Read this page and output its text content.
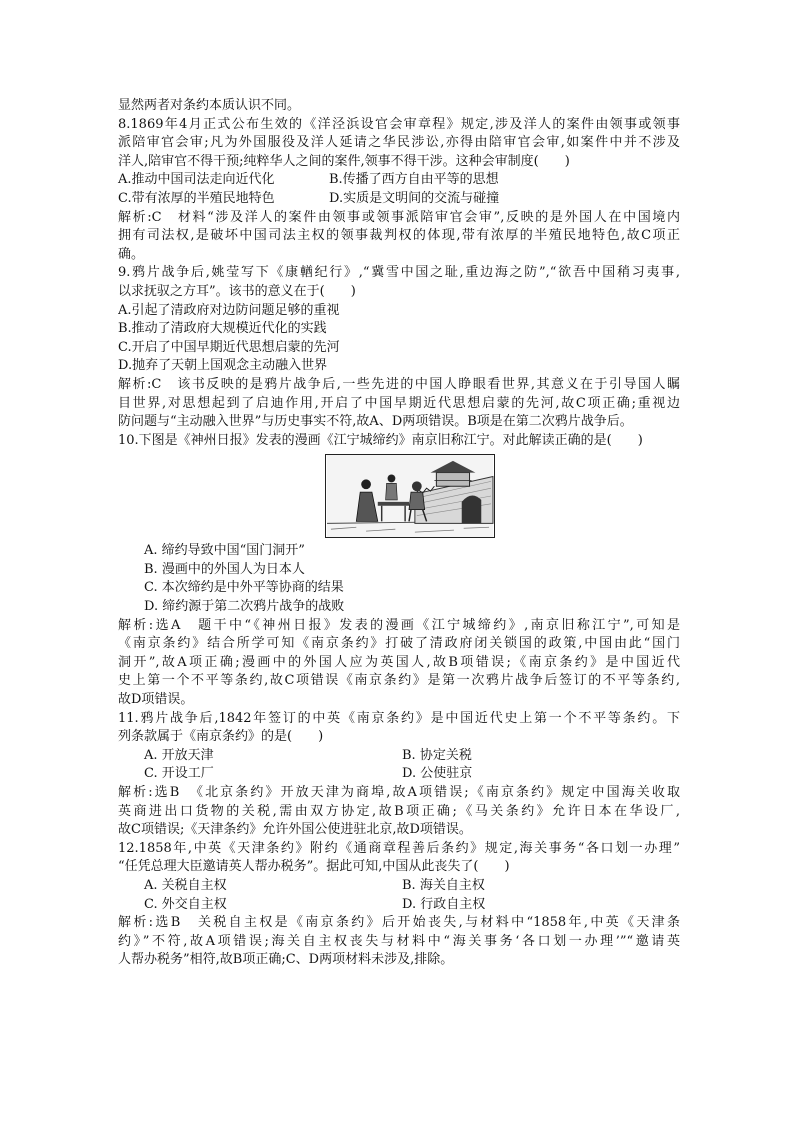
显然两者对条约本质认识不同。

8.1869年4月正式公布生效的《洋泾浜设官会审章程》规定,涉及洋人的案件由领事或领事

派陪审官会审;凡为外国服役及洋人延请之华民涉讼,亦得由陪审官会审,如案件中并不涉及

洋人,陪审官不得干预;纯粹华人之间的案件,领事不得干涉。这种会审制度(　　)

A.推动中国司法走向近代化	B.传播了西方自由平等的思想
C.带有浓厚的半殖民地特色	D.实质是文明间的交流与碰撞

解析:C　材料“涉及洋人的案件由领事或领事派陪审官会审”,反映的是外国人在中国境内

拥有司法权,是破坏中国司法主权的领事裁判权的体现,带有浓厚的半殖民地特色,故C项正

确。

9.鸦片战争后,姚莹写下《康輶纪行》,“冀雪中国之耻,重边海之防”,“欲吾中国稍习夷事,

以求抚驭之方耳”。该书的意义在于(　　)

A.引起了清政府对边防问题足够的重视

B.推动了清政府大规模近代化的实践

C.开启了中国早期近代思想启蒙的先河

D.抛弃了天朝上国观念主动融入世界

解析:C　该书反映的是鸦片战争后,一些先进的中国人睁眼看世界,其意义在于引导国人瞩

目世界,对思想起到了启迪作用,开启了中国早期近代思想启蒙的先河,故C项正确;重视边

防问题与“主动融入世界”与历史事实不符,故A、D两项错误。B项是在第二次鸦片战争后。

10.下图是《神州日报》发表的漫画《江宁城缔约》南京旧称江宁。对此解读正确的是(　　)

A. 缔约导致中国“国门洞开”

B. 漫画中的外国人为日本人

C. 本次缔约是中外平等协商的结果

D. 缔约源于第二次鸦片战争的战败

解析:选A　题干中“《神州日报》发表的漫画《江宁城缔约》,南京旧称江宁”,可知是

《南京条约》结合所学可知《南京条约》打破了清政府闭关锁国的政策,中国由此“国门

洞开”,故A项正确;漫画中的外国人应为英国人,故B项错误;《南京条约》是中国近代

史上第一个不平等条约,故C项错误《南京条约》是第一次鸦片战争后签订的不平等条约,

故D项错误。

11.鸦片战争后,1842年签订的中英《南京条约》是中国近代史上第一个不平等条约。下

列条款属于《南京条约》的是(　　)

A. 开放天津	B. 协定关税
C. 开设工厂	D. 公使驻京

解析:选B　《北京条约》开放天津为商埠,故A项错误;《南京条约》规定中国海关收取

英商进出口货物的关税,需由双方协定,故B项正确;《马关条约》允许日本在华设厂,

故C项错误;《天津条约》允许外国公使进驻北京,故D项错误。

12.1858年,中英《天津条约》附约《通商章程善后条约》规定,海关事务“各口划一办理”

“任凭总理大臣邀请英人帮办税务”。据此可知,中国从此丧失了(　　)

A. 关税自主权	B. 海关自主权
C. 外交自主权	D. 行政自主权

解析:选B　关税自主权是《南京条约》后开始丧失,与材料中“1858年,中英《天津条

约》”不符,故A项错误;海关自主权丧失与材料中“海关事务‘各口划一办理’”“邀请英

人帮办税务”相符,故B项正确;C、D两项材料未涉及,排除。
